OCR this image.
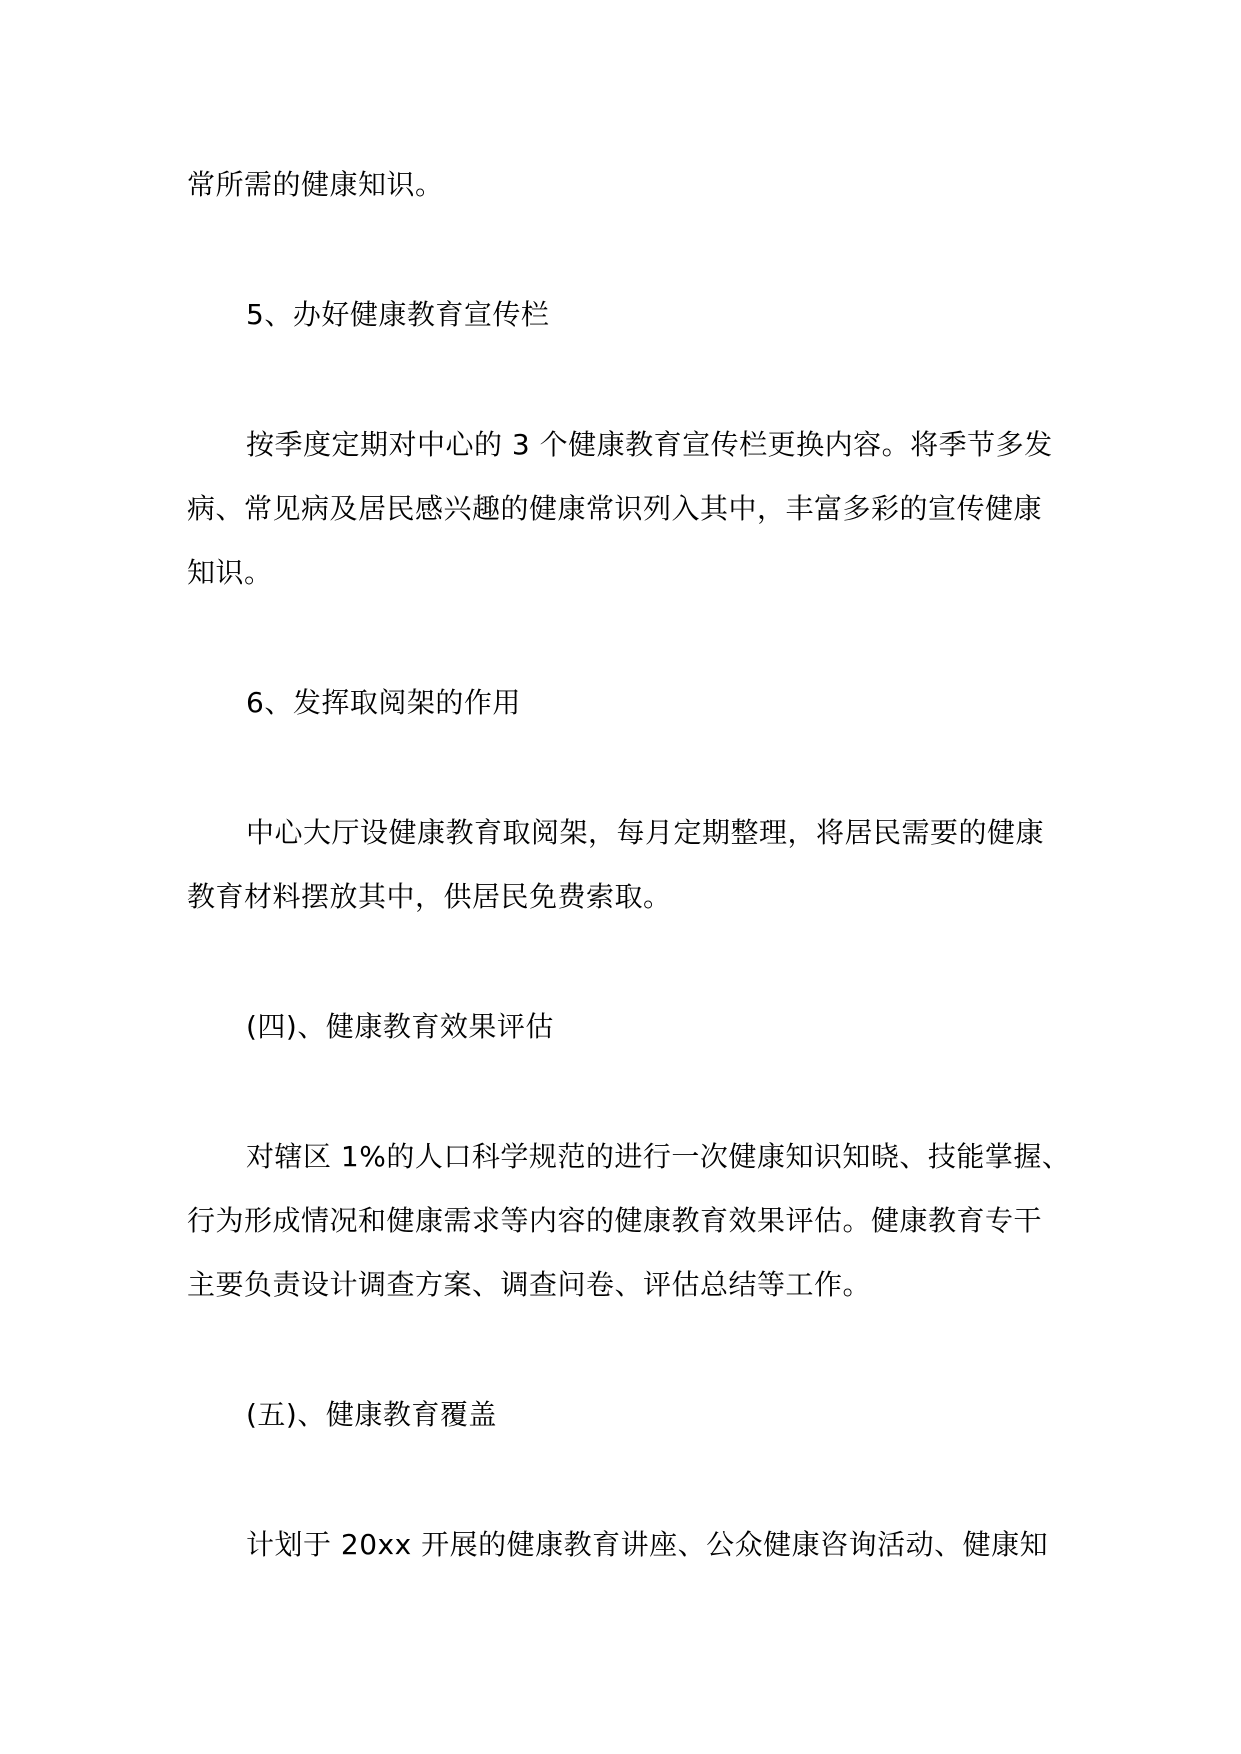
常所需的健康知识。
5、办好健康教育宣传栏
按季度定期对中心的 3 个健康教育宣传栏更换内容。将季节多发
病、常见病及居民感兴趣的健康常识列入其中，丰富多彩的宣传健康
知识。
6、发挥取阅架的作用
中心大厅设健康教育取阅架，每月定期整理，将居民需要的健康
教育材料摆放其中，供居民免费索取。
(四)、健康教育效果评估
对辖区 1%的人口科学规范的进行一次健康知识知晓、技能掌握、
行为形成情况和健康需求等内容的健康教育效果评估。健康教育专干
主要负责设计调查方案、调查问卷、评估总结等工作。
(五)、健康教育覆盖
计划于 20xx 开展的健康教育讲座、公众健康咨询活动、健康知
